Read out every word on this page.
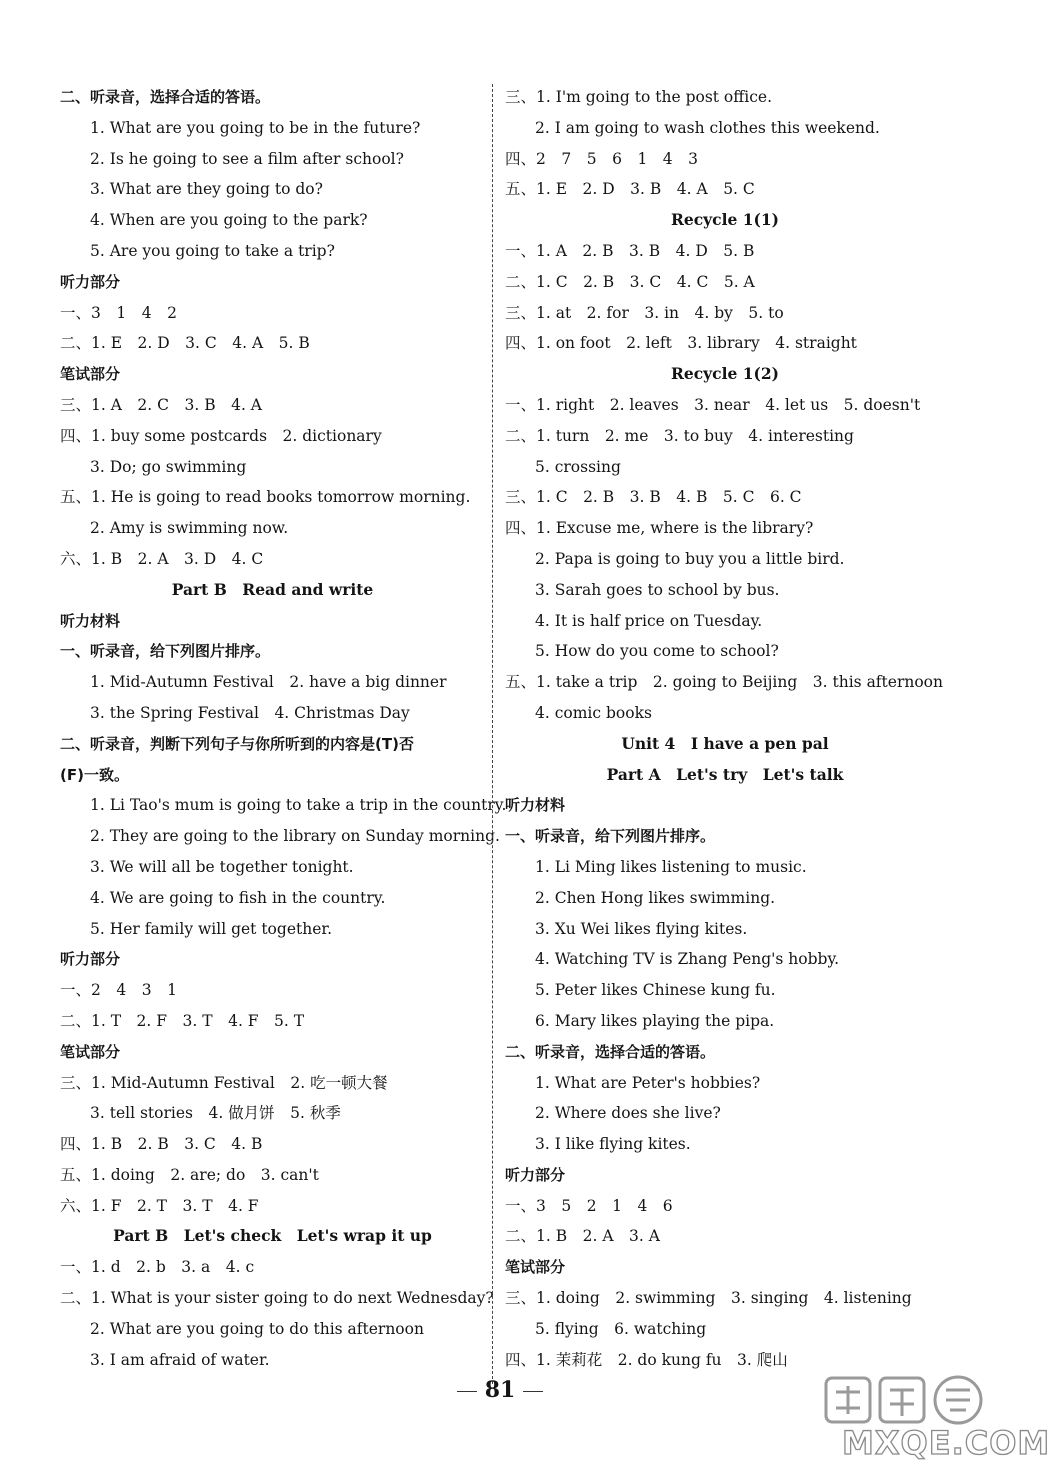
二、听录音，选择合适的答语。
1. What are you going to be in the future?
2. Is he going to see a film after school?
3. What are they going to do?
4. When are you going to the park?
5. Are you going to take a trip?
听力部分
一、3　1　4　2
二、1. E　2. D　3. C　4. A　5. B
笔试部分
三、1. A　2. C　3. B　4. A
四、1. buy some postcards　2. dictionary
3. Do; go swimming
五、1. He is going to read books tomorrow morning.
2. Amy is swimming now.
六、1. B　2. A　3. D　4. C
Part B　Read and write
听力材料
一、听录音，给下列图片排序。
1. Mid-Autumn Festival　2. have a big dinner
3. the Spring Festival　4. Christmas Day
二、听录音，判断下列句子与你所听到的内容是(T)否
(F)一致。
1. Li Tao's mum is going to take a trip in the country.
2. They are going to the library on Sunday morning.
3. We will all be together tonight.
4. We are going to fish in the country.
5. Her family will get together.
听力部分
一、2　4　3　1
二、1. T　2. F　3. T　4. F　5. T
笔试部分
三、1. Mid-Autumn Festival　2. 吃一顿大餐
3. tell stories　4. 做月饼　5. 秋季
四、1. B　2. B　3. C　4. B
五、1. doing　2. are; do　3. can't
六、1. F　2. T　3. T　4. F
Part B　Let's check　Let's wrap it up
一、1. d　2. b　3. a　4. c
二、1. What is your sister going to do next Wednesday?
2. What are you going to do this afternoon
3. I am afraid of water.
三、1. I'm going to the post office.
2. I am going to wash clothes this weekend.
四、2　7　5　6　1　4　3
五、1. E　2. D　3. B　4. A　5. C
Recycle 1(1)
一、1. A　2. B　3. B　4. D　5. B
二、1. C　2. B　3. C　4. C　5. A
三、1. at　2. for　3. in　4. by　5. to
四、1. on foot　2. left　3. library　4. straight
Recycle 1(2)
一、1. right　2. leaves　3. near　4. let us　5. doesn't
二、1. turn　2. me　3. to buy　4. interesting
5. crossing
三、1. C　2. B　3. B　4. B　5. C　6. C
四、1. Excuse me, where is the library?
2. Papa is going to buy you a little bird.
3. Sarah goes to school by bus.
4. It is half price on Tuesday.
5. How do you come to school?
五、1. take a trip　2. going to Beijing　3. this afternoon
4. comic books
Unit 4　I have a pen pal
Part A　Let's try　Let's talk
听力材料
一、听录音，给下列图片排序。
1. Li Ming likes listening to music.
2. Chen Hong likes swimming.
3. Xu Wei likes flying kites.
4. Watching TV is Zhang Peng's hobby.
5. Peter likes Chinese kung fu.
6. Mary likes playing the pipa.
二、听录音，选择合适的答语。
1. What are Peter's hobbies?
2. Where does she live?
3. I like flying kites.
听力部分
一、3　5　2　1　4　6
二、1. B　2. A　3. A
笔试部分
三、1. doing　2. swimming　3. singing　4. listening
5. flying　6. watching
四、1. 茉莉花　2. do kung fu　3. 爬山
81
MXQE.COM
